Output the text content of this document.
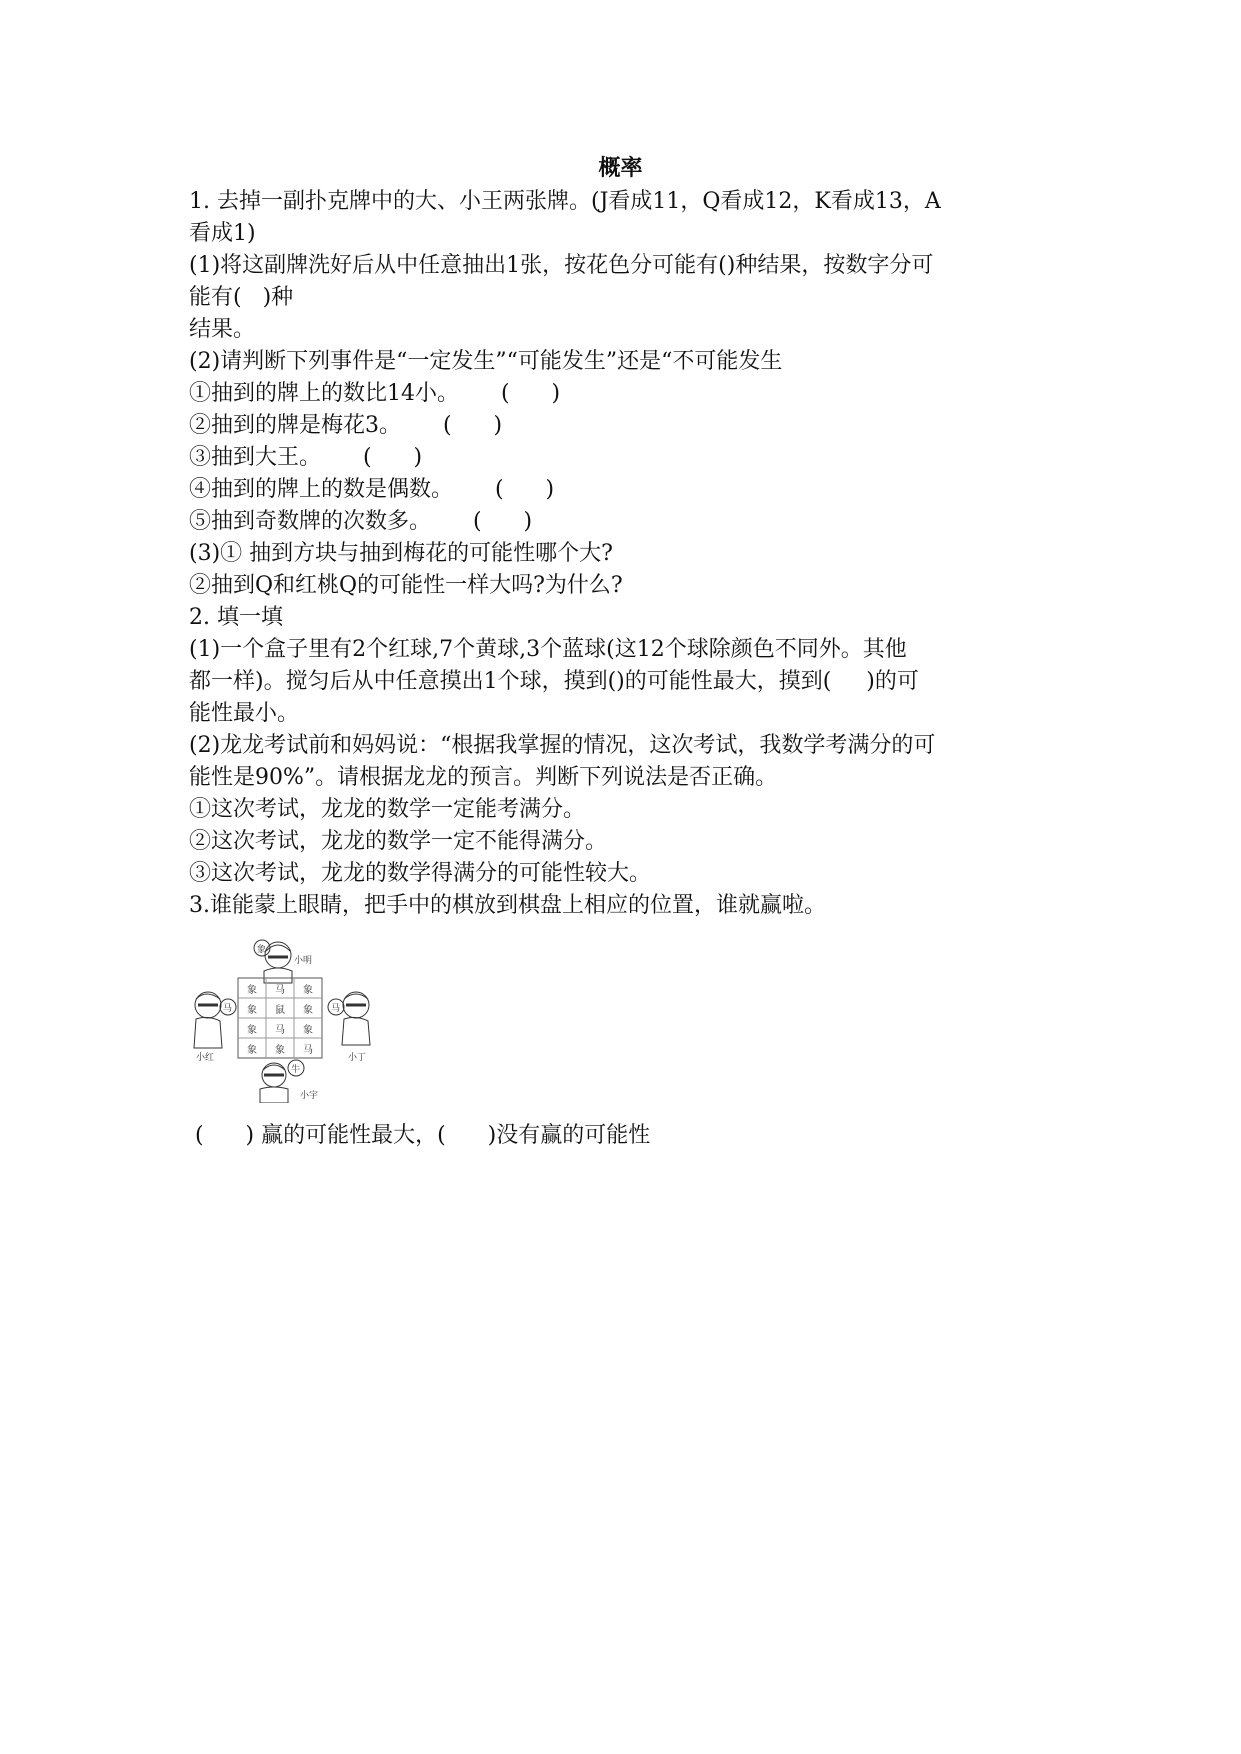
概率
1. 去掉一副扑克牌中的大、小王两张牌。(J看成11，Q看成12，K看成13，A
看成1)
(1)将这副牌洗好后从中任意抽出1张，按花色分可能有()种结果，按数字分可
能有(   )种
结果。
(2)请判断下列事件是“一定发生”“可能发生”还是“不可能发生
①抽到的牌上的数比14小。      (      )
②抽到的牌是梅花3。      (      )
③抽到大王。      (      )
④抽到的牌上的数是偶数。      (      )
⑤抽到奇数牌的次数多。      (      )
(3)① 抽到方块与抽到梅花的可能性哪个大?
②抽到Q和红桃Q的可能性一样大吗?为什么?
2. 填一填
(1)一个盒子里有2个红球,7个黄球,3个蓝球(这12个球除颜色不同外。其他
都一样)。搅匀后从中任意摸出1个球，摸到()的可能性最大，摸到(     )的可
能性最小。
(2)龙龙考试前和妈妈说：“根据我掌握的情况，这次考试，我数学考满分的可
能性是90%”。请根据龙龙的预言。判断下列说法是否正确。
①这次考试，龙龙的数学一定能考满分。
②这次考试，龙龙的数学一定不能得满分。
③这次考试，龙龙的数学得满分的可能性较大。
3.谁能蒙上眼睛，把手中的棋放到棋盘上相应的位置，谁就赢啦。
象
小明
马
小红
马
小丁
牛
小宇
象 马 象
象 鼠 象
象 马 象
象 象 马
(      ) 赢的可能性最大，(      )没有赢的可能性
